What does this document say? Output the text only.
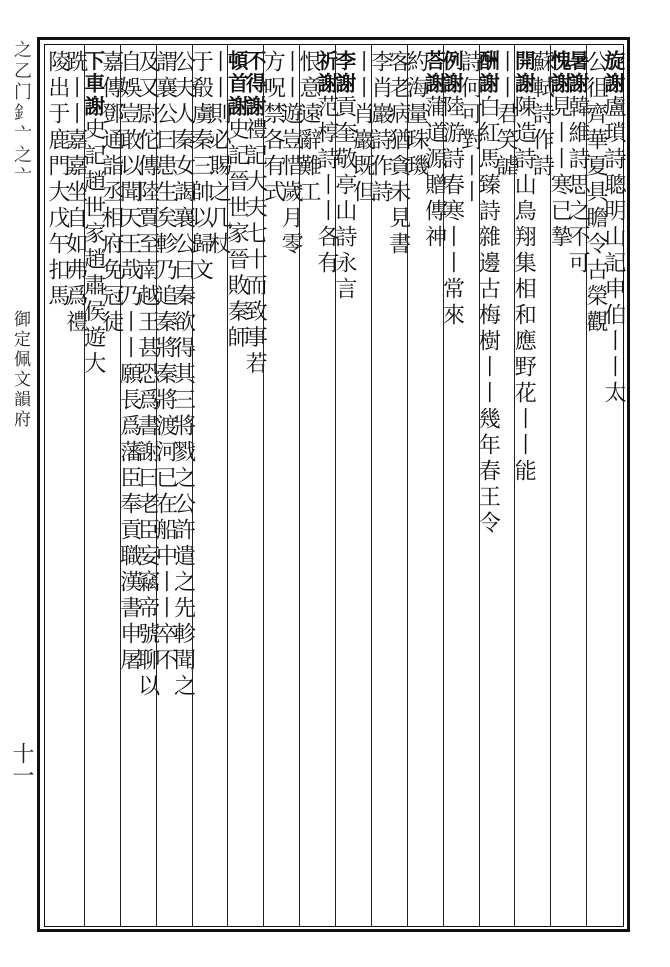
之乙门釒亠之亠
御定佩文韻府
十一
旋謝盧瑣詩聰明山記申伯丨丨太
公徂齊華夏具瞻令古榮觀
暑謝韓維詩思之不可
愧謝見丨丨寒已摯
蘇軾詩作詩
開謝陳造詩山鳥翔集相和應野花丨丨能
丨丨君笑謔
酬謝白紅馬臻詩雜邊古梅樹丨丨幾年春王令
詩何可對丨丨
例謝陸游詩春寒丨丨常來
荅謝蒲道源贈傳神
約海量珠璣
客老病猶貪未見書
李肖巖詩作詩
丨丨肖巖既但
李謝貢奎敬亭山詩永言
祈謝范椁詩丨丨各有
恨意遠辭難工
丨丨遊豈惜歲月零
方呪禁各有式
不得謝禮記大夫七十而致事若
頓首謝史記晉世家晉敗秦師
丨丨則必賜之几杖
于殽虜秦三帥以歸文
公夫人秦女謁襄公曰秦欲得其三將戮之公許遣之先軫聞之
謂襄公曰患生矣軫乃追秦將秦將渡河已在船中丨丨卒不
及又尉佗傳陸賈至南越王甚恐爲書謝曰老臣妄竊帝號聊以
自娛豈敢以聞天王哉乃丨丨願長爲藩臣奉貢職漢書申屠
嘉傳鄧通詣丞相府免冠徒
下車謝史記趙世家趙肅侯遊大
跣丨丨嘉嘉坐自如弗爲禮
陵出于鹿門大戊午扣馬
